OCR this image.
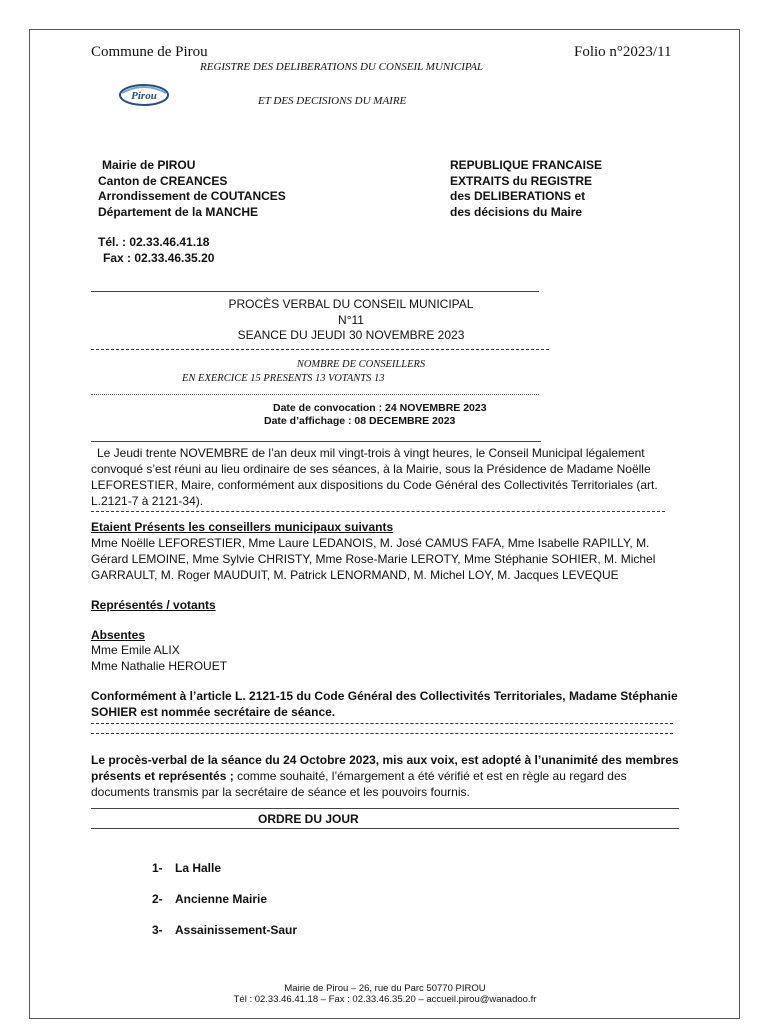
Commune de Pirou	Folio n°2023/11
REGISTRE DES DELIBERATIONS DU CONSEIL MUNICIPAL
Pirou	ET DES DECISIONS DU MAIRE
Mairie de PIROU
Canton de CREANCES
Arrondissement de COUTANCES
Département de la MANCHE
Tél. : 02.33.46.41.18
Fax : 02.33.46.35.20
REPUBLIQUE FRANCAISE
EXTRAITS du REGISTRE
des DELIBERATIONS et
des décisions du Maire
PROCÈS VERBAL DU CONSEIL MUNICIPAL
N°11
SEANCE DU JEUDI 30 NOVEMBRE 2023
NOMBRE DE CONSEILLERS
EN EXERCICE 15 PRESENTS 13 VOTANTS 13
Date de convocation : 24 NOVEMBRE 2023
Date d’affichage : 08 DECEMBRE 2023
Le Jeudi trente NOVEMBRE de l’an deux mil vingt-trois à vingt heures, le Conseil Municipal légalement convoqué s’est réuni au lieu ordinaire de ses séances, à la Mairie, sous la Présidence de Madame Noëlle LEFORESTIER, Maire, conformément aux dispositions du Code Général des Collectivités Territoriales (art. L.2121-7 à 2121-34).
Etaient Présents les conseillers municipaux suivants
Mme Noëlle LEFORESTIER, Mme Laure LEDANOIS, M. José CAMUS FAFA, Mme Isabelle RAPILLY, M. Gérard LEMOINE, Mme Sylvie CHRISTY, Mme Rose-Marie LEROTY, Mme Stéphanie SOHIER, M. Michel GARRAULT, M. Roger MAUDUIT, M. Patrick LENORMAND, M. Michel LOY, M. Jacques LEVEQUE
Représentés / votants
Absentes
Mme Emile ALIX
Mme Nathalie HEROUET
Conformément à l’article L. 2121-15 du Code Général des Collectivités Territoriales, Madame Stéphanie SOHIER est nommée secrétaire de séance.
Le procès-verbal de la séance du 24 Octobre 2023, mis aux voix, est adopté à l’unanimité des membres présents et représentés ; comme souhaité, l’émargement a été vérifié et est en règle au regard des documents transmis par la secrétaire de séance et les pouvoirs fournis.
ORDRE DU JOUR
1- La Halle
2- Ancienne Mairie
3- Assainissement-Saur
Mairie de Pirou – 26, rue du Parc 50770 PIROU
Tél : 02.33.46.41.18 – Fax : 02.33.46.35.20 – accueil.pirou@wanadoo.fr
